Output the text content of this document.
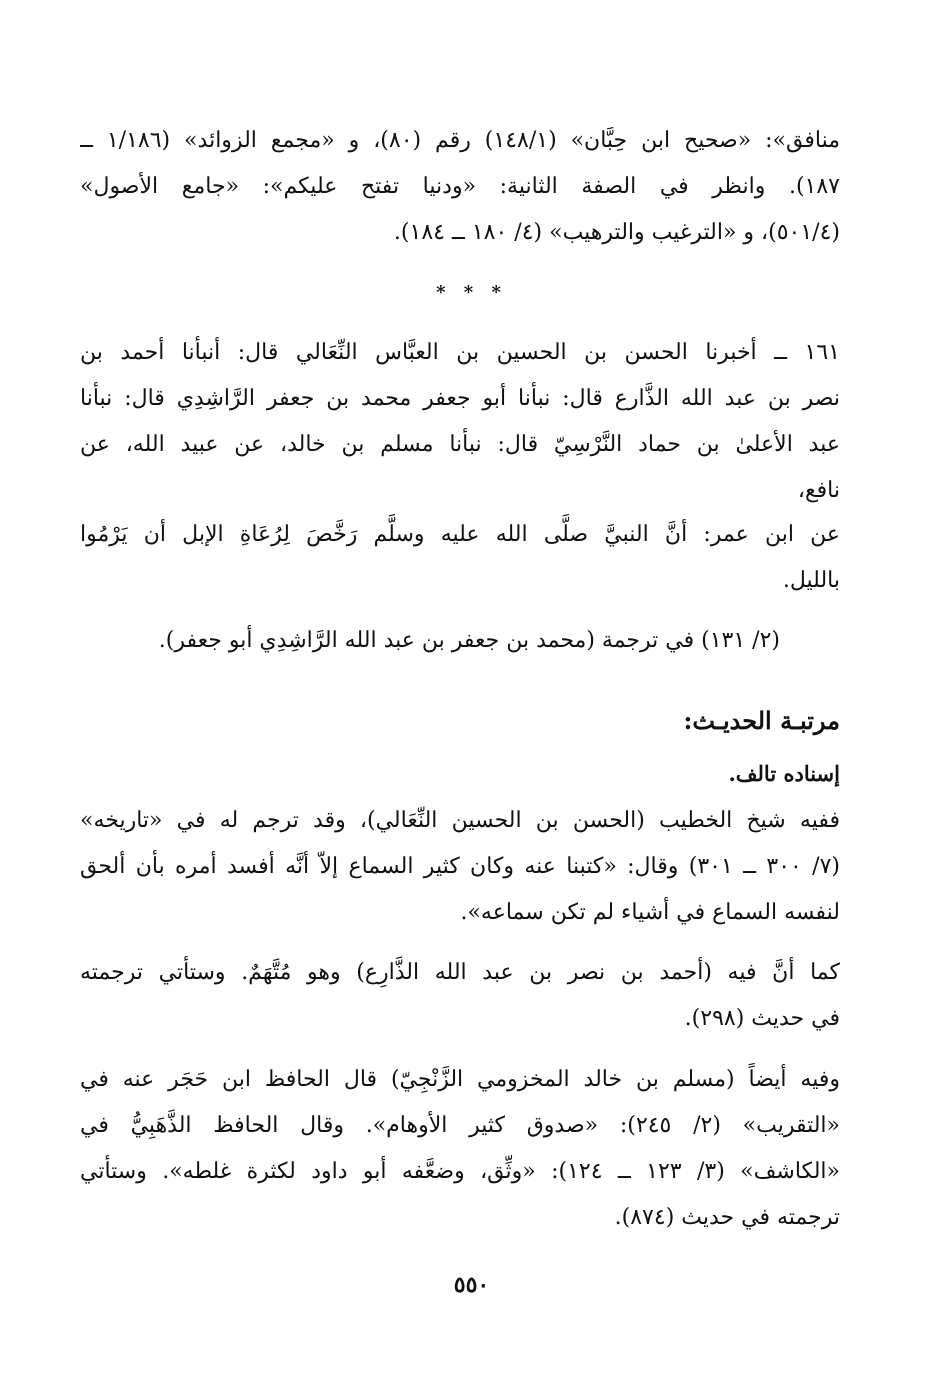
منافق»: «صحيح ابن حِبَّان» (١٤٨/١) رقم (٨٠)، و «مجمع الزوائد» (١/١٨٦ ــ
١٨٧). وانظر في الصفة الثانية: «ودنيا تفتح عليكم»: «جامع الأصول»
(٥٠١/٤)، و «الترغيب والترهيب» (٤/ ١٨٠ ــ ١٨٤).
* * *
١٦١ ــ أخبرنا الحسن بن الحسين بن العبَّاس النِّعَالي قال: أنبأنا أحمد بن
نصر بن عبد الله الذَّارع قال: نبأنا أبو جعفر محمد بن جعفر الرَّاشِدِي قال: نبأنا
عبد الأعلىٰ بن حماد النَّرْسِيّ قال: نبأنا مسلم بن خالد، عن عبيد الله، عن
نافع،
عن ابن عمر: أنَّ النبيَّ صلَّى الله عليه وسلَّم رَخَّصَ لِرُعَاةِ الإبل أن يَرْمُوا
بالليل.
(٢/ ١٣١) في ترجمة (محمد بن جعفر بن عبد الله الرَّاشِدِي أبو جعفر).
مرتبـة الحديـث:
إسناده تالف.
ففيه شيخ الخطيب (الحسن بن الحسين النِّعَالي)، وقد ترجم له في «تاريخه»
(٧/ ٣٠٠ ــ ٣٠١) وقال: «كتبنا عنه وكان كثير السماع إلاّ أنَّه أفسد أمره بأن ألحق
لنفسه السماع في أشياء لم تكن سماعه».
كما أنَّ فيه (أحمد بن نصر بن عبد الله الذَّارِع) وهو مُتَّهَمٌ. وستأتي ترجمته
في حديث (٢٩٨).
وفيه أيضاً (مسلم بن خالد المخزومي الزَّنْجِيّ) قال الحافظ ابن حَجَر عنه في
«التقريب» (٢/ ٢٤٥): «صدوق كثير الأوهام». وقال الحافظ الذَّهَبِيُّ في
«الكاشف» (٣/ ١٢٣ ــ ١٢٤): «وثِّق، وضعَّفه أبو داود لكثرة غلطه». وستأتي
ترجمته في حديث (٨٧٤).
٥٥٠
